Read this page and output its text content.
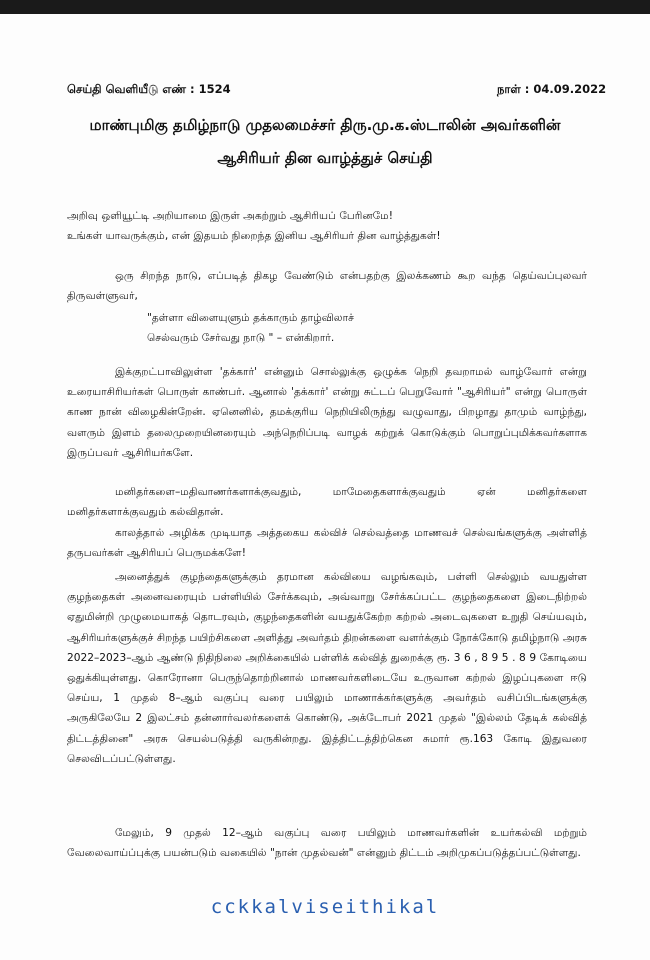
செய்தி வெளியீடு எண் : 1524	நாள் : 04.09.2022
மாண்புமிகு தமிழ்நாடு முதலமைச்சர் திரு.மு.க.ஸ்டாலின் அவர்களின்
ஆசிரியர் தின வாழ்த்துச் செய்தி
அறிவு ஒளியூட்டி அறியாமை இருள் அகற்றும் ஆசிரியப் பேரினமே!
உங்கள் யாவருக்கும், என் இதயம் நிறைந்த இனிய ஆசிரியர் தின வாழ்த்துகள்!
ஒரு சிறந்த நாடு, எப்படித் திகழ வேண்டும் என்பதற்கு இலக்கணம் கூற வந்த தெய்வப்புலவர் திருவள்ளுவர்,
"தள்ளா விளையுளும் தக்காரும் தாழ்விலாச்
செல்வரும் சேர்வது நாடு " – என்கிறார்.
இக்குறட்பாவிலுள்ள 'தக்கார்' என்னும் சொல்லுக்கு ஒழுக்க நெறி தவறாமல் வாழ்வோர் என்று உரையாசிரியர்கள் பொருள் காண்பர். ஆனால் 'தக்கார்' என்று சுட்டப் பெறுவோர் "ஆசிரியர்" என்று பொருள் காண நான் விழைகின்றேன். ஏனெனில், தமக்குரிய நெறியிலிருந்து வழுவாது, பிறழாது தாமும் வாழ்ந்து, வளரும் இளம் தலைமுறையினரையும் அந்நெறிப்படி வாழக் கற்றுக் கொடுக்கும் பொறுப்புமிக்கவர்களாக இருப்பவர் ஆசிரியர்களே.
மனிதர்களை–மதிவாணர்களாக்குவதும், மாமேதைகளாக்குவதும் ஏன் மனிதர்களை மனிதர்களாக்குவதும் கல்விதான்.
காலத்தால் அழிக்க முடியாத அத்தகைய கல்விச் செல்வத்தை மாணவச் செல்வங்களுக்கு அள்ளித் தருபவர்கள் ஆசிரியப் பெருமக்களே!
அனைத்துக் குழந்தைகளுக்கும் தரமான கல்வியை வழங்கவும், பள்ளி செல்லும் வயதுள்ள குழந்தைகள் அனைவரையும் பள்ளியில் சேர்க்கவும், அவ்வாறு சேர்க்கப்பட்ட குழந்தைகளை இடைநிற்றல் ஏதுமின்றி முழுமையாகத் தொடரவும், குழந்தைகளின் வயதுக்கேற்ற கற்றல் அடைவுகளை உறுதி செய்யவும், ஆசிரியர்களுக்குச் சிறந்த பயிற்சிகளை அளித்து அவர்தம் திறன்களை வளர்க்கும் நோக்கோடு தமிழ்நாடு அரசு 2022–2023–ஆம் ஆண்டு நிதிநிலை அறிக்கையில் பள்ளிக் கல்வித் துறைக்கு ரூ. 3 6 , 8 9 5 . 8 9 கோடியை ஒதுக்கியுள்ளது. கொரோனா பெருந்தொற்றினால் மாணவர்களிடையே உருவான கற்றல் இழப்புகளை ஈடு செய்ய, 1 முதல் 8–ஆம் வகுப்பு வரை பயிலும் மாணாக்கர்களுக்கு அவர்தம் வசிப்பிடங்களுக்கு அருகிலேயே 2 இலட்சம் தன்னார்வலர்களைக் கொண்டு, அக்டோபர் 2021 முதல் "இல்லம் தேடிக் கல்வித் திட்டத்தினை" அரசு செயல்படுத்தி வருகின்றது. இத்திட்டத்திற்கென சுமார் ரூ.163 கோடி இதுவரை செலவிடப்பட்டுள்ளது.
மேலும், 9 முதல் 12–ஆம் வகுப்பு வரை பயிலும் மாணவர்களின் உயர்கல்வி மற்றும் வேலைவாய்ப்புக்கு பயன்படும் வகையில் "நான் முதல்வன்" என்னும் திட்டம் அறிமுகப்படுத்தப்பட்டுள்ளது.
cckkalviseithikal
